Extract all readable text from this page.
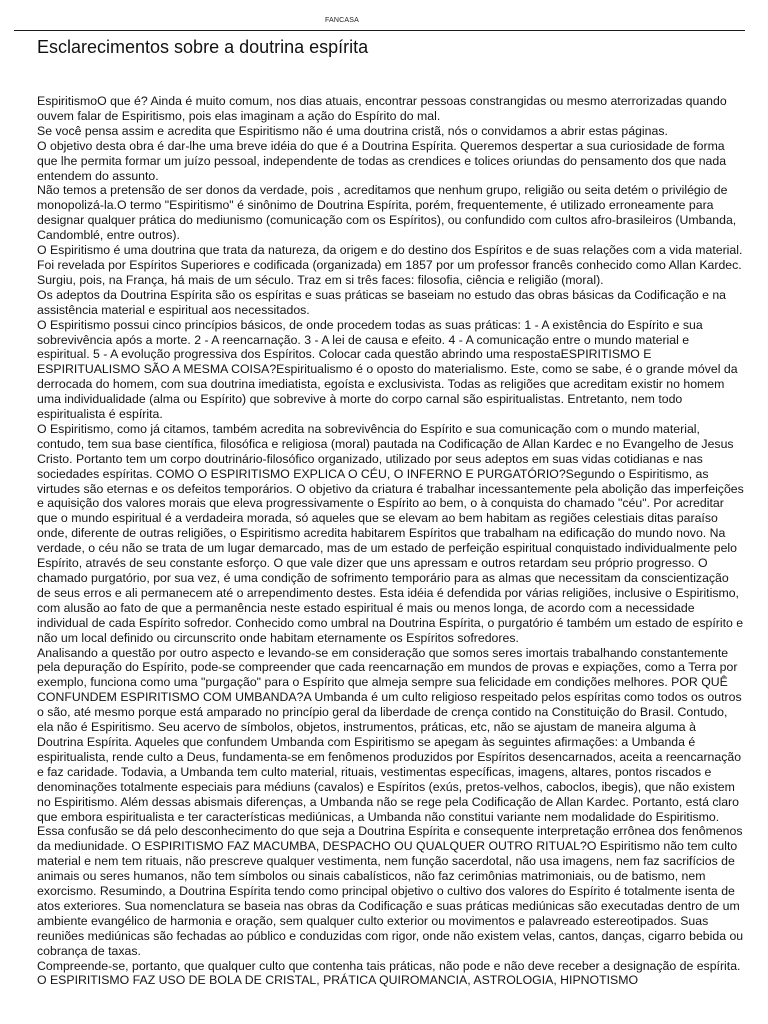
FANCASA
Esclarecimentos sobre a doutrina espírita

EspiritismoO que é? Ainda é muito comum, nos dias atuais, encontrar pessoas constrangidas ou mesmo aterrorizadas quando ouvem falar de Espiritismo, pois elas imaginam a ação do Espírito do mal.

Se você pensa assim e acredita que Espiritismo não é uma doutrina cristã, nós o convidamos a abrir estas páginas.

O objetivo desta obra é dar-lhe uma breve idéia do que é a Doutrina Espírita. Queremos despertar a sua curiosidade de forma que lhe permita formar um juízo pessoal, independente de todas as crendices e tolices oriundas do pensamento dos que nada entendem do assunto.

Não temos a pretensão de ser donos da verdade, pois , acreditamos que nenhum grupo, religião ou seita detém o privilégio de monopolizá-la.O termo "Espiritismo" é sinônimo de Doutrina Espírita, porém, frequentemente, é utilizado erroneamente para designar qualquer prática do mediunismo (comunicação com os Espíritos), ou confundido com cultos afro-brasileiros (Umbanda, Candomblé, entre outros).

O Espiritismo é uma doutrina que trata da natureza, da origem e do destino dos Espíritos e de suas relações com a vida material. Foi revelada por Espíritos Superiores e codificada (organizada) em 1857 por um professor francês conhecido como Allan Kardec.

Surgiu, pois, na França, há mais de um século. Traz em si três faces: filosofia, ciência e religião (moral).

Os adeptos da Doutrina Espírita são os espíritas e suas práticas se baseiam no estudo das obras básicas da Codificação e na assistência material e espiritual aos necessitados.

O Espiritismo possui cinco princípios básicos, de onde procedem todas as suas práticas: 1 - A existência do Espírito e sua sobrevivência após a morte. 2 - A reencarnação. 3 - A lei de causa e efeito. 4 - A comunicação entre o mundo material e espiritual. 5 - A evolução progressiva dos Espíritos. Colocar cada questão abrindo uma respostaESPIRITISMO E ESPIRITUALISMO SÃO A MESMA COISA?Espiritualismo é o oposto do materialismo. Este, como se sabe, é o grande móvel da derrocada do homem, com sua doutrina imediatista, egoísta e exclusivista. Todas as religiões que acreditam existir no homem uma individualidade (alma ou Espírito) que sobrevive à morte do corpo carnal são espiritualistas. Entretanto, nem todo espiritualista é espírita.

O Espiritismo, como já citamos, também acredita na sobrevivência do Espírito e sua comunicação com o mundo material, contudo, tem sua base científica, filosófica e religiosa (moral) pautada na Codificação de Allan Kardec e no Evangelho de Jesus Cristo. Portanto tem um corpo doutrinário-filosófico organizado, utilizado por seus adeptos em suas vidas cotidianas e nas sociedades espíritas. COMO O ESPIRITISMO EXPLICA O CÉU, O INFERNO E PURGATÓRIO?Segundo o Espiritismo, as virtudes são eternas e os defeitos temporários. O objetivo da criatura é trabalhar incessantemente pela abolição das imperfeições e aquisição dos valores morais que eleva progressivamente o Espírito ao bem, o à conquista do chamado "céu". Por acreditar que o mundo espiritual é a verdadeira morada, só aqueles que se elevam ao bem habitam as regiões celestiais ditas paraíso onde, diferente de outras religiões, o Espiritismo acredita habitarem Espíritos que trabalham na edificação do mundo novo. Na verdade, o céu não se trata de um lugar demarcado, mas de um estado de perfeição espiritual conquistado individualmente pelo Espírito, através de seu constante esforço. O que vale dizer que uns apressam e outros retardam seu próprio progresso. O chamado purgatório, por sua vez, é uma condição de sofrimento temporário para as almas que necessitam da conscientização de seus erros e ali permanecem até o arrependimento destes. Esta idéia é defendida por várias religiões, inclusive o Espiritismo, com alusão ao fato de que a permanência neste estado espiritual é mais ou menos longa, de acordo com a necessidade individual de cada Espírito sofredor. Conhecido como umbral na Doutrina Espírita, o purgatório é também um estado de espírito e não um local definido ou circunscrito onde habitam eternamente os Espíritos sofredores.

Analisando a questão por outro aspecto e levando-se em consideração que somos seres imortais trabalhando constantemente pela depuração do Espírito, pode-se compreender que cada reencarnação em mundos de provas e expiações, como a Terra por exemplo, funciona como uma "purgação" para o Espírito que almeja sempre sua felicidade em condições melhores. POR QUÊ CONFUNDEM ESPIRITISMO COM UMBANDA?A Umbanda é um culto religioso respeitado pelos espíritas como todos os outros o são, até mesmo porque está amparado no princípio geral da liberdade de crença contido na Constituição do Brasil. Contudo, ela não é Espiritismo. Seu acervo de símbolos, objetos, instrumentos, práticas, etc, não se ajustam de maneira alguma à Doutrina Espírita. Aqueles que confundem Umbanda com Espiritismo se apegam às seguintes afirmações: a Umbanda é espiritualista, rende culto a Deus, fundamenta-se em fenômenos produzidos por Espíritos desencarnados, aceita a reencarnação e faz caridade. Todavia, a Umbanda tem culto material, rituais, vestimentas específicas, imagens, altares, pontos riscados e denominações totalmente especiais para médiuns (cavalos) e Espíritos (exús, pretos-velhos, caboclos, ibegis), que não existem no Espiritismo. Além dessas abismais diferenças, a Umbanda não se rege pela Codificação de Allan Kardec. Portanto, está claro que embora espiritualista e ter características mediúnicas, a Umbanda não constitui variante nem modalidade do Espiritismo. Essa confusão se dá pelo desconhecimento do que seja a Doutrina Espírita e consequente interpretação errônea dos fenômenos da mediunidade. O ESPIRITISMO FAZ MACUMBA, DESPACHO OU QUALQUER OUTRO RITUAL?O Espiritismo não tem culto material e nem tem rituais, não prescreve qualquer vestimenta, nem função sacerdotal, não usa imagens, nem faz sacrifícios de animais ou seres humanos, não tem símbolos ou sinais cabalísticos, não faz cerimônias matrimoniais, ou de batismo, nem exorcismo. Resumindo, a Doutrina Espírita tendo como principal objetivo o cultivo dos valores do Espírito é totalmente isenta de atos exteriores. Sua nomenclatura se baseia nas obras da Codificação e suas práticas mediúnicas são executadas dentro de um ambiente evangélico de harmonia e oração, sem qualquer culto exterior ou movimentos e palavreado estereotipados. Suas reuniões mediúnicas são fechadas ao público e conduzidas com rigor, onde não existem velas, cantos, danças, cigarro bebida ou cobrança de taxas.

Compreende-se, portanto, que qualquer culto que contenha tais práticas, não pode e não deve receber a designação de espírita. O ESPIRITISMO FAZ USO DE BOLA DE CRISTAL, PRÁTICA QUIROMANCIA, ASTROLOGIA, HIPNOTISMO
